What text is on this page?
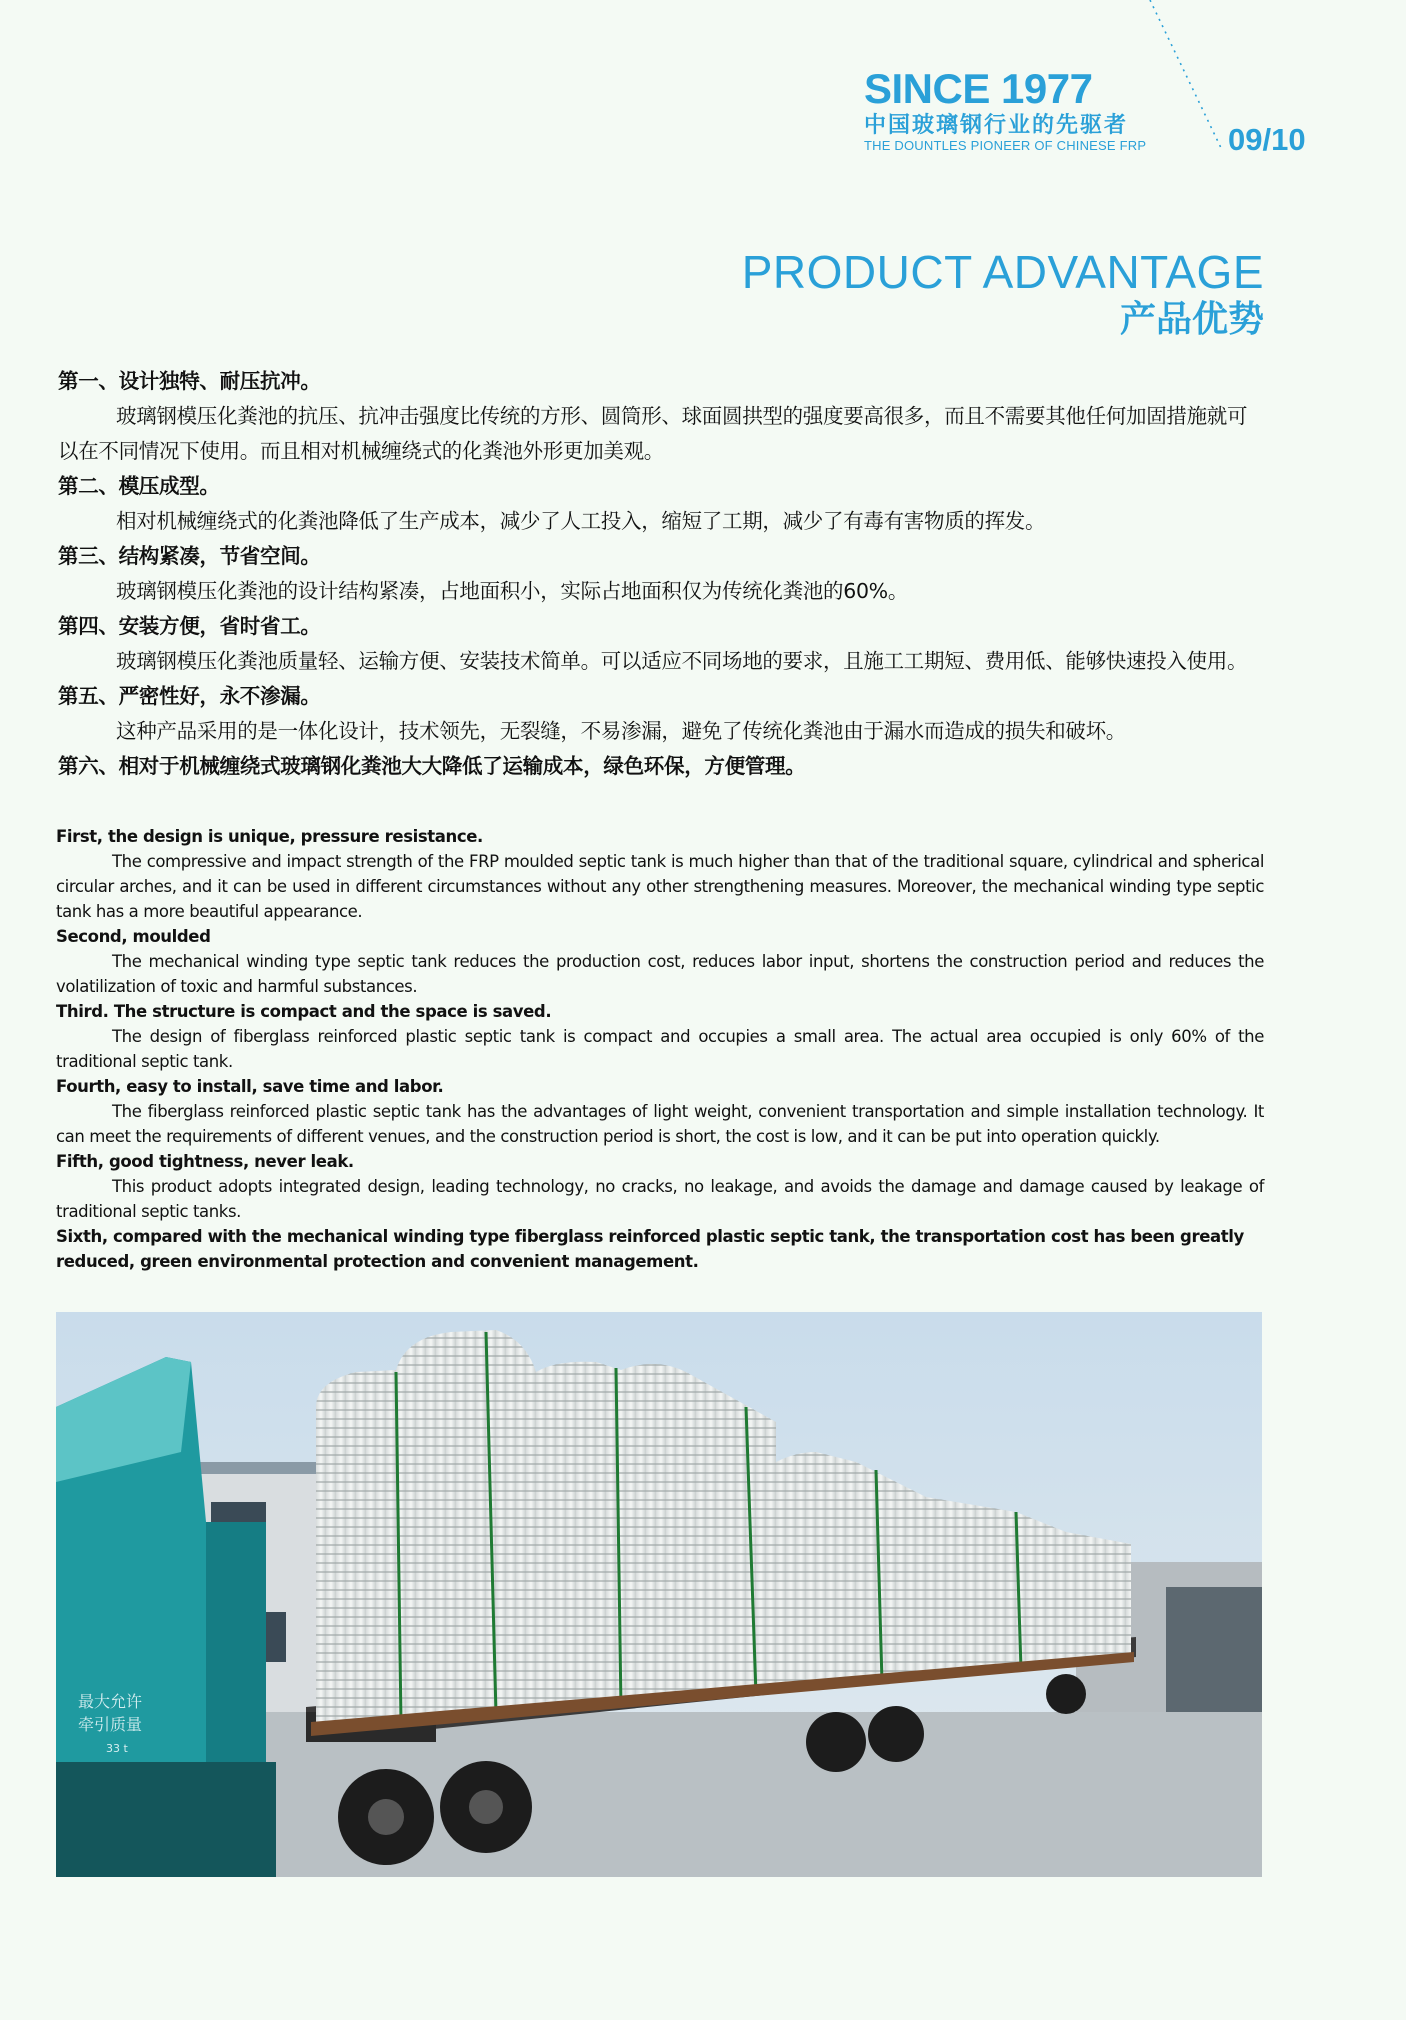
SINCE 1977
中国玻璃钢行业的先驱者
THE DOUNTLES PIONEER OF CHINESE FRP	09/10
PRODUCT ADVANTAGE
产品优势
第一、设计独特、耐压抗冲。
玻璃钢模压化粪池的抗压、抗冲击强度比传统的方形、圆筒形、球面圆拱型的强度要高很多，而且不需要其他任何加固措施就可以在不同情况下使用。而且相对机械缠绕式的化粪池外形更加美观。
第二、模压成型。
相对机械缠绕式的化粪池降低了生产成本，减少了人工投入，缩短了工期，减少了有毒有害物质的挥发。
第三、结构紧凑，节省空间。
玻璃钢模压化粪池的设计结构紧凑，占地面积小，实际占地面积仅为传统化粪池的60%。
第四、安装方便，省时省工。
玻璃钢模压化粪池质量轻、运输方便、安装技术简单。可以适应不同场地的要求，且施工工期短、费用低、能够快速投入使用。
第五、严密性好，永不渗漏。
这种产品采用的是一体化设计，技术领先，无裂缝，不易渗漏，避免了传统化粪池由于漏水而造成的损失和破坏。
第六、相对于机械缠绕式玻璃钢化粪池大大降低了运输成本，绿色环保，方便管理。
First, the design is unique, pressure resistance.
The compressive and impact strength of the FRP moulded septic tank is much higher than that of the traditional square, cylindrical and spherical circular arches, and it can be used in different circumstances without any other strengthening measures. Moreover, the mechanical winding type septic tank has a more beautiful appearance.
Second, moulded
The mechanical winding type septic tank reduces the production cost, reduces labor input, shortens the construction period and reduces the volatilization of toxic and harmful substances.
Third. The structure is compact and the space is saved.
The design of fiberglass reinforced plastic septic tank is compact and occupies a small area. The actual area occupied is only 60% of the traditional septic tank.
Fourth, easy to install, save time and labor.
The fiberglass reinforced plastic septic tank has the advantages of light weight, convenient transportation and simple installation technology. It can meet the requirements of different venues, and the construction period is short, the cost is low, and it can be put into operation quickly.
Fifth, good tightness, never leak.
This product adopts integrated design, leading technology, no cracks, no leakage, and avoids the damage and damage caused by leakage of traditional septic tanks.
Sixth, compared with the mechanical winding type fiberglass reinforced plastic septic tank, the transportation cost has been greatly reduced, green environmental protection and convenient management.
最大允许
牵引质量
33 t
